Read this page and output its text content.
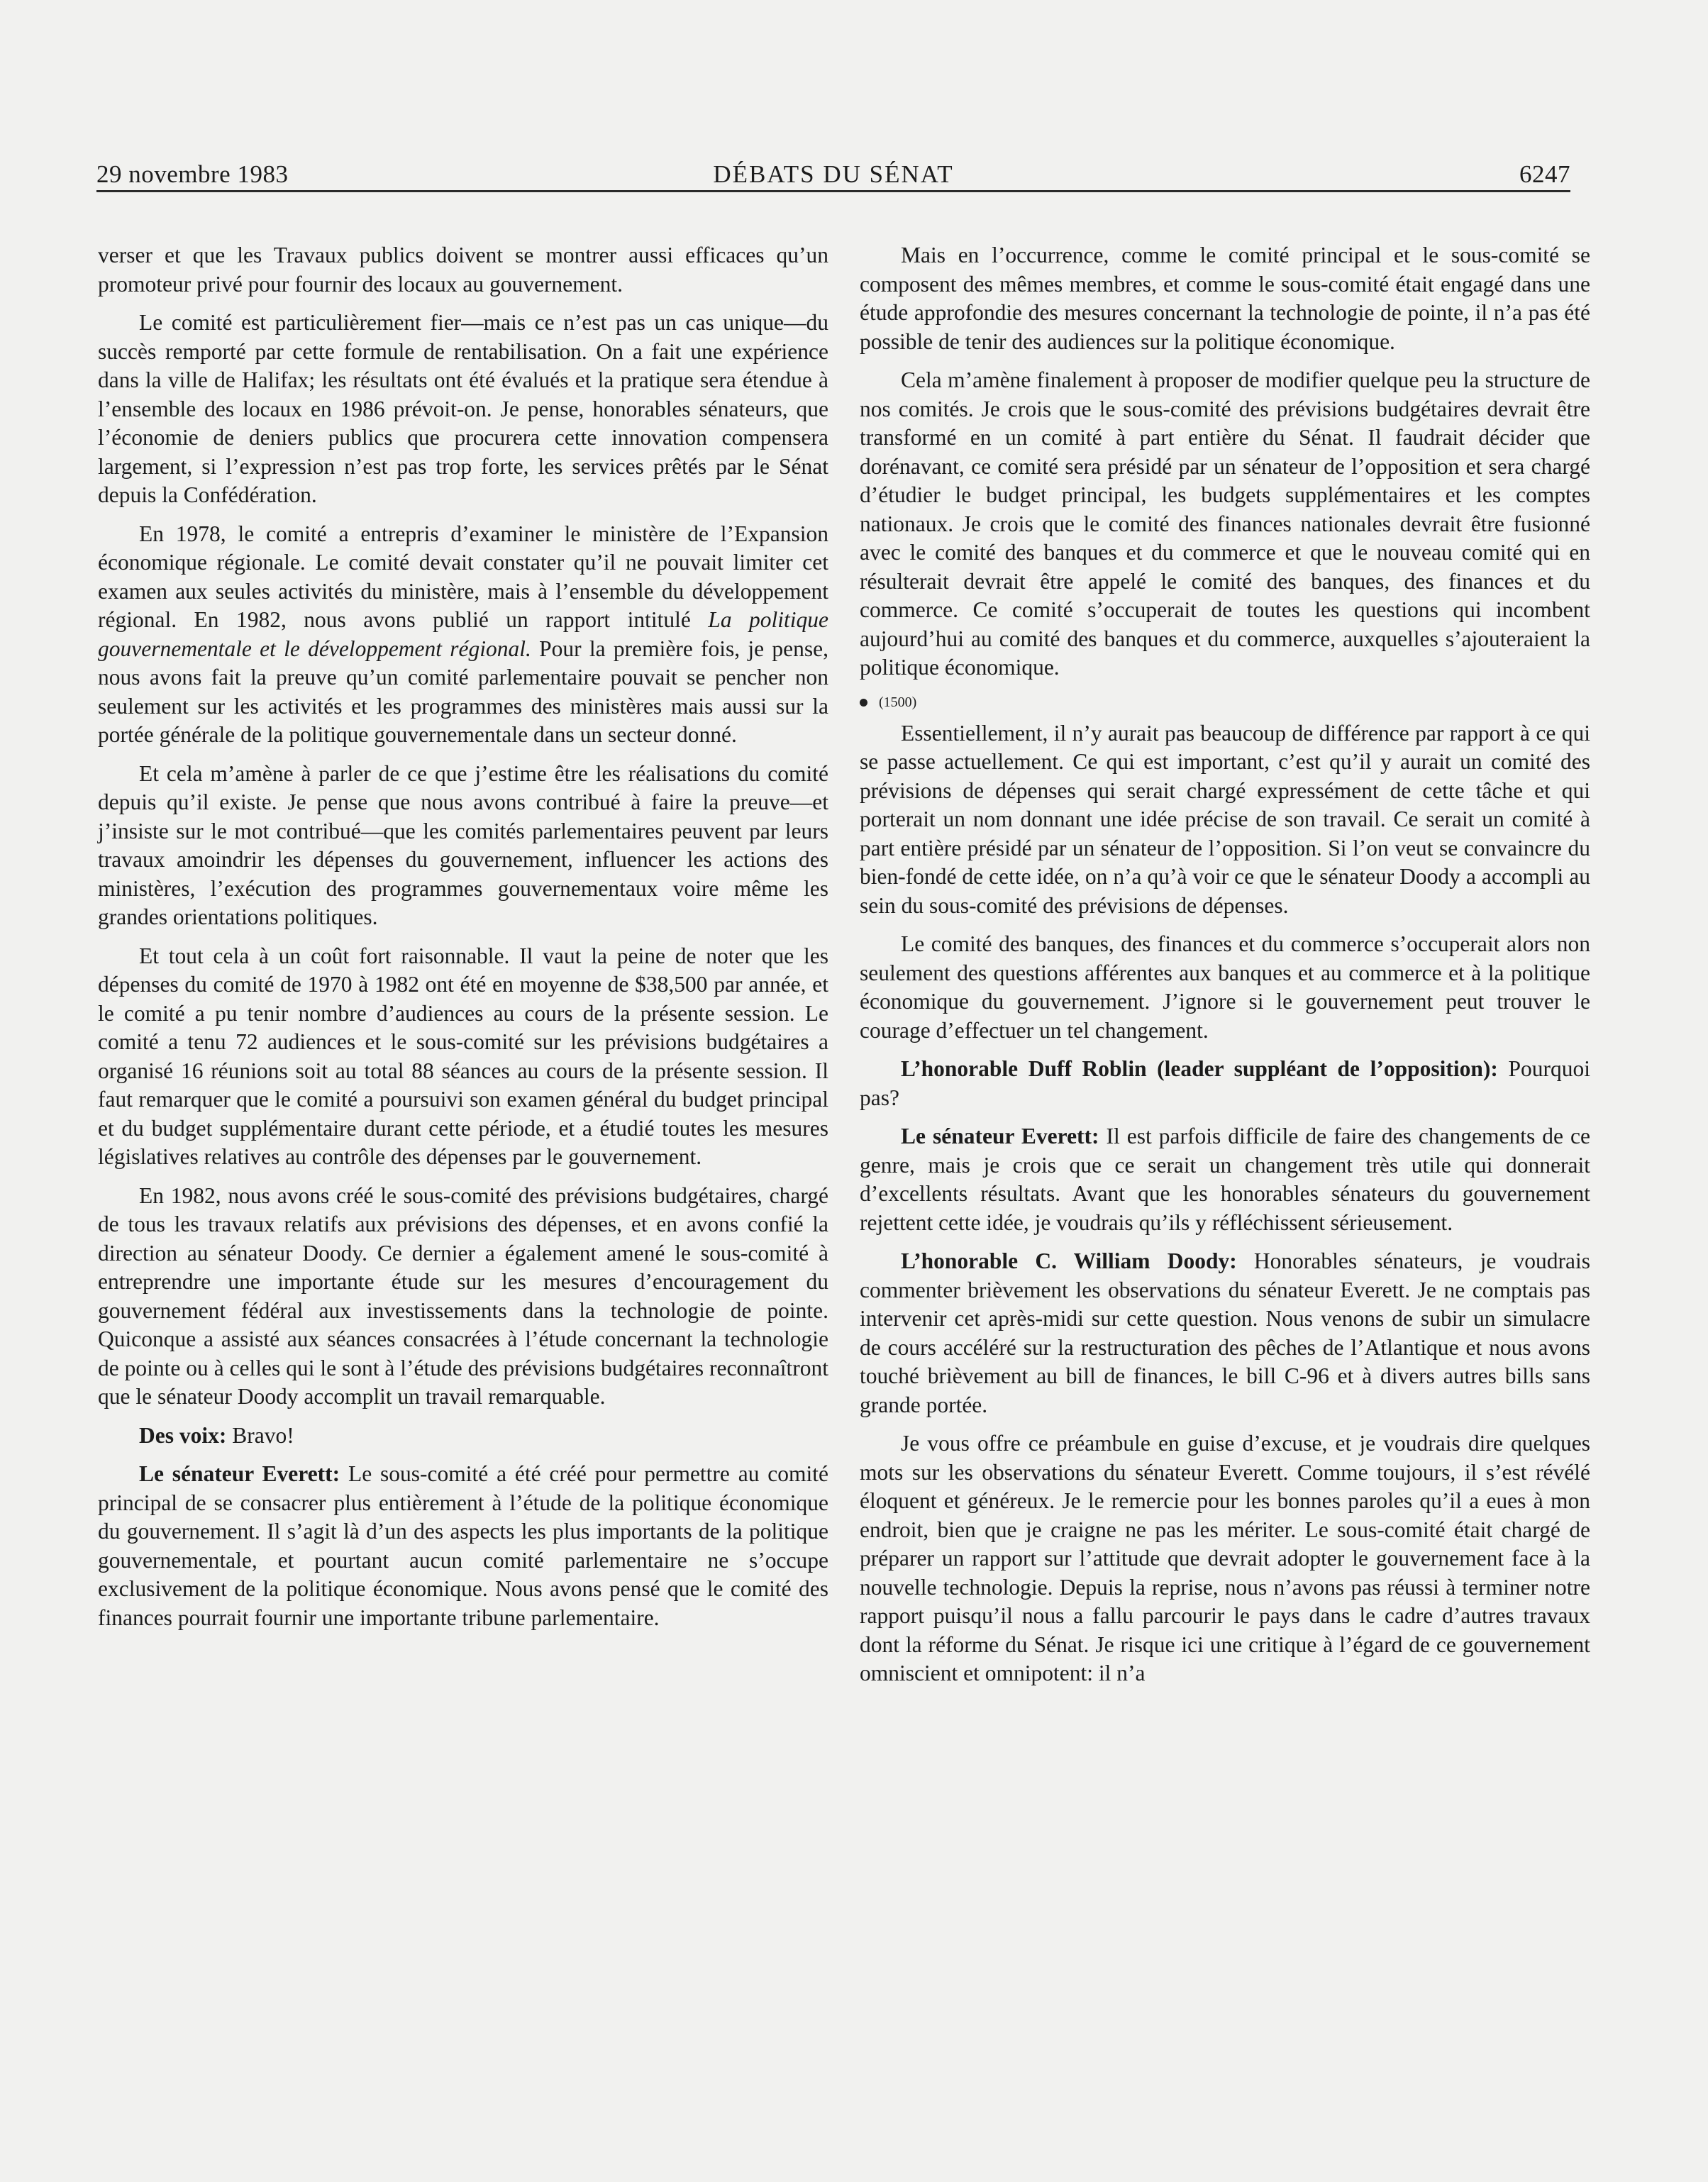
29 novembre 1983	DÉBATS DU SÉNAT	6247

verser et que les Travaux publics doivent se montrer aussi efficaces qu’un promoteur privé pour fournir des locaux au gouvernement.

Le comité est particulièrement fier—mais ce n’est pas un cas unique—du succès remporté par cette formule de rentabilisation. On a fait une expérience dans la ville de Halifax; les résultats ont été évalués et la pratique sera étendue à l’ensemble des locaux en 1986 prévoit-on. Je pense, honorables sénateurs, que l’économie de deniers publics que procurera cette innovation compensera largement, si l’expression n’est pas trop forte, les services prêtés par le Sénat depuis la Confédération.

En 1978, le comité a entrepris d’examiner le ministère de l’Expansion économique régionale. Le comité devait constater qu’il ne pouvait limiter cet examen aux seules activités du ministère, mais à l’ensemble du développement régional. En 1982, nous avons publié un rapport intitulé La politique gouvernementale et le développement régional. Pour la première fois, je pense, nous avons fait la preuve qu’un comité parlementaire pouvait se pencher non seulement sur les activités et les programmes des ministères mais aussi sur la portée générale de la politique gouvernementale dans un secteur donné.

Et cela m’amène à parler de ce que j’estime être les réalisations du comité depuis qu’il existe. Je pense que nous avons contribué à faire la preuve—et j’insiste sur le mot contribué—que les comités parlementaires peuvent par leurs travaux amoindrir les dépenses du gouvernement, influencer les actions des ministères, l’exécution des programmes gouvernementaux voire même les grandes orientations politiques.

Et tout cela à un coût fort raisonnable. Il vaut la peine de noter que les dépenses du comité de 1970 à 1982 ont été en moyenne de $38,500 par année, et le comité a pu tenir nombre d’audiences au cours de la présente session. Le comité a tenu 72 audiences et le sous-comité sur les prévisions budgétaires a organisé 16 réunions soit au total 88 séances au cours de la présente session. Il faut remarquer que le comité a poursuivi son examen général du budget principal et du budget supplémentaire durant cette période, et a étudié toutes les mesures législatives relatives au contrôle des dépenses par le gouvernement.

En 1982, nous avons créé le sous-comité des prévisions budgétaires, chargé de tous les travaux relatifs aux prévisions des dépenses, et en avons confié la direction au sénateur Doody. Ce dernier a également amené le sous-comité à entreprendre une importante étude sur les mesures d’encouragement du gouvernement fédéral aux investissements dans la technologie de pointe. Quiconque a assisté aux séances consacrées à l’étude concernant la technologie de pointe ou à celles qui le sont à l’étude des prévisions budgétaires reconnaîtront que le sénateur Doody accomplit un travail remarquable.

Des voix: Bravo!

Le sénateur Everett: Le sous-comité a été créé pour permettre au comité principal de se consacrer plus entièrement à l’étude de la politique économique du gouvernement. Il s’agit là d’un des aspects les plus importants de la politique gouvernementale, et pourtant aucun comité parlementaire ne s’occupe exclusivement de la politique économique. Nous avons pensé que le comité des finances pourrait fournir une importante tribune parlementaire.

Mais en l’occurrence, comme le comité principal et le sous-comité se composent des mêmes membres, et comme le sous-comité était engagé dans une étude approfondie des mesures concernant la technologie de pointe, il n’a pas été possible de tenir des audiences sur la politique économique.

Cela m’amène finalement à proposer de modifier quelque peu la structure de nos comités. Je crois que le sous-comité des prévisions budgétaires devrait être transformé en un comité à part entière du Sénat. Il faudrait décider que dorénavant, ce comité sera présidé par un sénateur de l’opposition et sera chargé d’étudier le budget principal, les budgets supplémentaires et les comptes nationaux. Je crois que le comité des finances nationales devrait être fusionné avec le comité des banques et du commerce et que le nouveau comité qui en résulterait devrait être appelé le comité des banques, des finances et du commerce. Ce comité s’occuperait de toutes les questions qui incombent aujourd’hui au comité des banques et du commerce, auxquelles s’ajouteraient la politique économique.

(1500)

Essentiellement, il n’y aurait pas beaucoup de différence par rapport à ce qui se passe actuellement. Ce qui est important, c’est qu’il y aurait un comité des prévisions de dépenses qui serait chargé expressément de cette tâche et qui porterait un nom donnant une idée précise de son travail. Ce serait un comité à part entière présidé par un sénateur de l’opposition. Si l’on veut se convaincre du bien-fondé de cette idée, on n’a qu’à voir ce que le sénateur Doody a accompli au sein du sous-comité des prévisions de dépenses.

Le comité des banques, des finances et du commerce s’occuperait alors non seulement des questions afférentes aux banques et au commerce et à la politique économique du gouvernement. J’ignore si le gouvernement peut trouver le courage d’effectuer un tel changement.

L’honorable Duff Roblin (leader suppléant de l’opposition): Pourquoi pas?

Le sénateur Everett: Il est parfois difficile de faire des changements de ce genre, mais je crois que ce serait un changement très utile qui donnerait d’excellents résultats. Avant que les honorables sénateurs du gouvernement rejettent cette idée, je voudrais qu’ils y réfléchissent sérieusement.

L’honorable C. William Doody: Honorables sénateurs, je voudrais commenter brièvement les observations du sénateur Everett. Je ne comptais pas intervenir cet après-midi sur cette question. Nous venons de subir un simulacre de cours accéléré sur la restructuration des pêches de l’Atlantique et nous avons touché brièvement au bill de finances, le bill C-96 et à divers autres bills sans grande portée.

Je vous offre ce préambule en guise d’excuse, et je voudrais dire quelques mots sur les observations du sénateur Everett. Comme toujours, il s’est révélé éloquent et généreux. Je le remercie pour les bonnes paroles qu’il a eues à mon endroit, bien que je craigne ne pas les mériter. Le sous-comité était chargé de préparer un rapport sur l’attitude que devrait adopter le gouvernement face à la nouvelle technologie. Depuis la reprise, nous n’avons pas réussi à terminer notre rapport puisqu’il nous a fallu parcourir le pays dans le cadre d’autres travaux dont la réforme du Sénat. Je risque ici une critique à l’égard de ce gouvernement omniscient et omnipotent: il n’a
